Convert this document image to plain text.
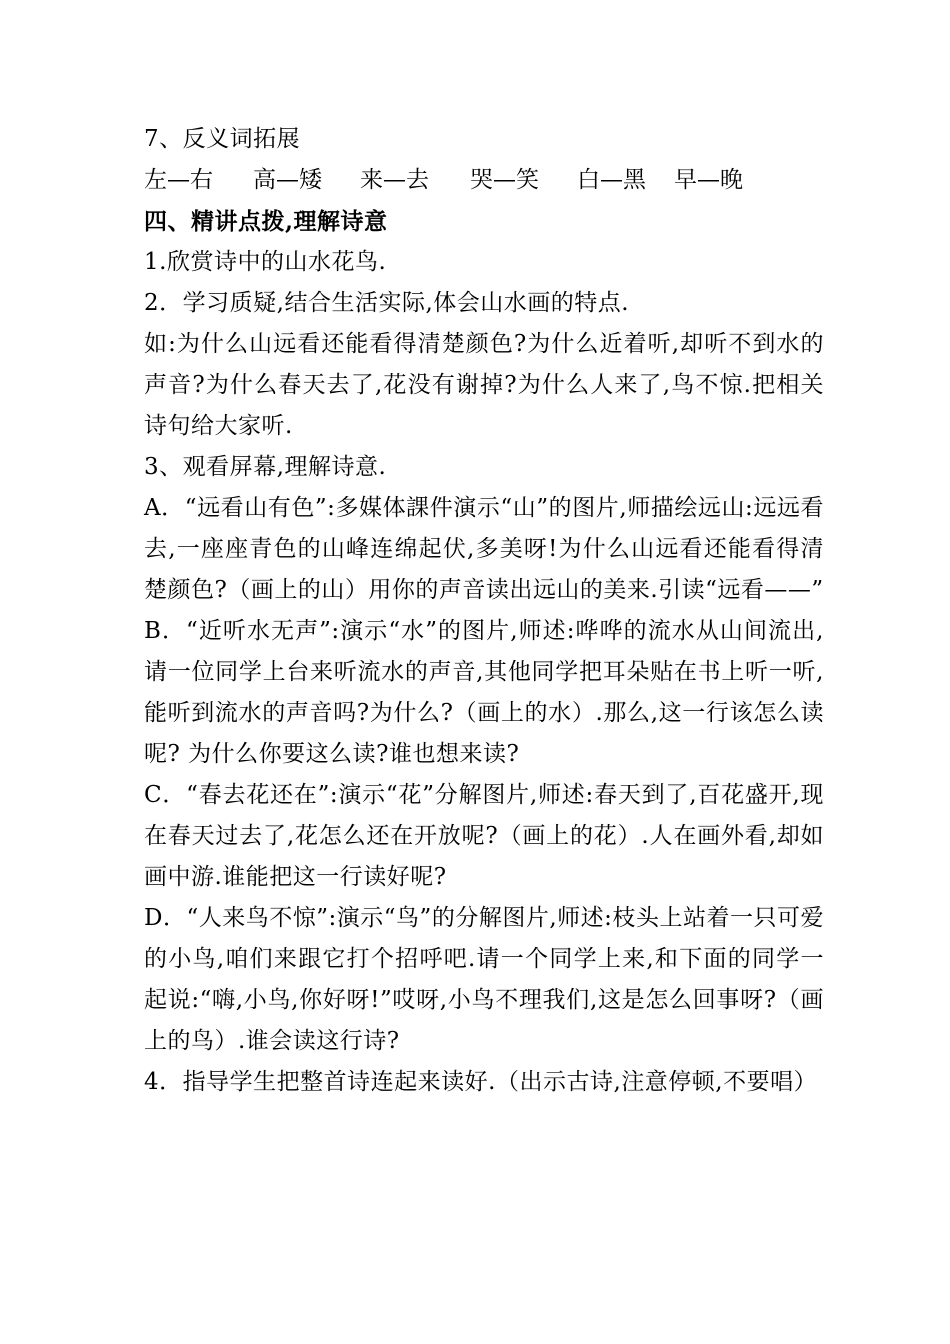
7、反义词拓展
左—右	高—矮	来—去	哭—笑	白—黑	早—晚
四、精讲点拨,理解诗意
1.欣赏诗中的山水花鸟.
2．学习质疑,结合生活实际,体会山水画的特点.
如:为什么山远看还能看得清楚颜色?为什么近着听,却听不到水的声音?为什么春天去了,花没有谢掉?为什么人来了,鸟不惊.把相关诗句给大家听.
3、观看屏幕,理解诗意.
A．“远看山有色”:多媒体課件演示“山”的图片,师描绘远山:远远看去,一座座青色的山峰连绵起伏,多美呀!为什么山远看还能看得清楚颜色?（画上的山）用你的声音读出远山的美来.引读“远看——”
B．“近听水无声”:演示“水”的图片,师述:哗哗的流水从山间流出,请一位同学上台来听流水的声音,其他同学把耳朵贴在书上听一听,能听到流水的声音吗?为什么?（画上的水）.那么,这一行该怎么读呢? 为什么你要这么读?谁也想来读?
C．“春去花还在”:演示“花”分解图片,师述:春天到了,百花盛开,现在春天过去了,花怎么还在开放呢?（画上的花）.人在画外看,却如画中游.谁能把这一行读好呢?
D．“人来鸟不惊”:演示“鸟”的分解图片,师述:枝头上站着一只可爱的小鸟,咱们来跟它打个招呼吧.请一个同学上来,和下面的同学一起说:“嗨,小鸟,你好呀!”哎呀,小鸟不理我们,这是怎么回事呀?（画上的鸟）.谁会读这行诗?
4．指导学生把整首诗连起来读好.（出示古诗,注意停顿,不要唱）
